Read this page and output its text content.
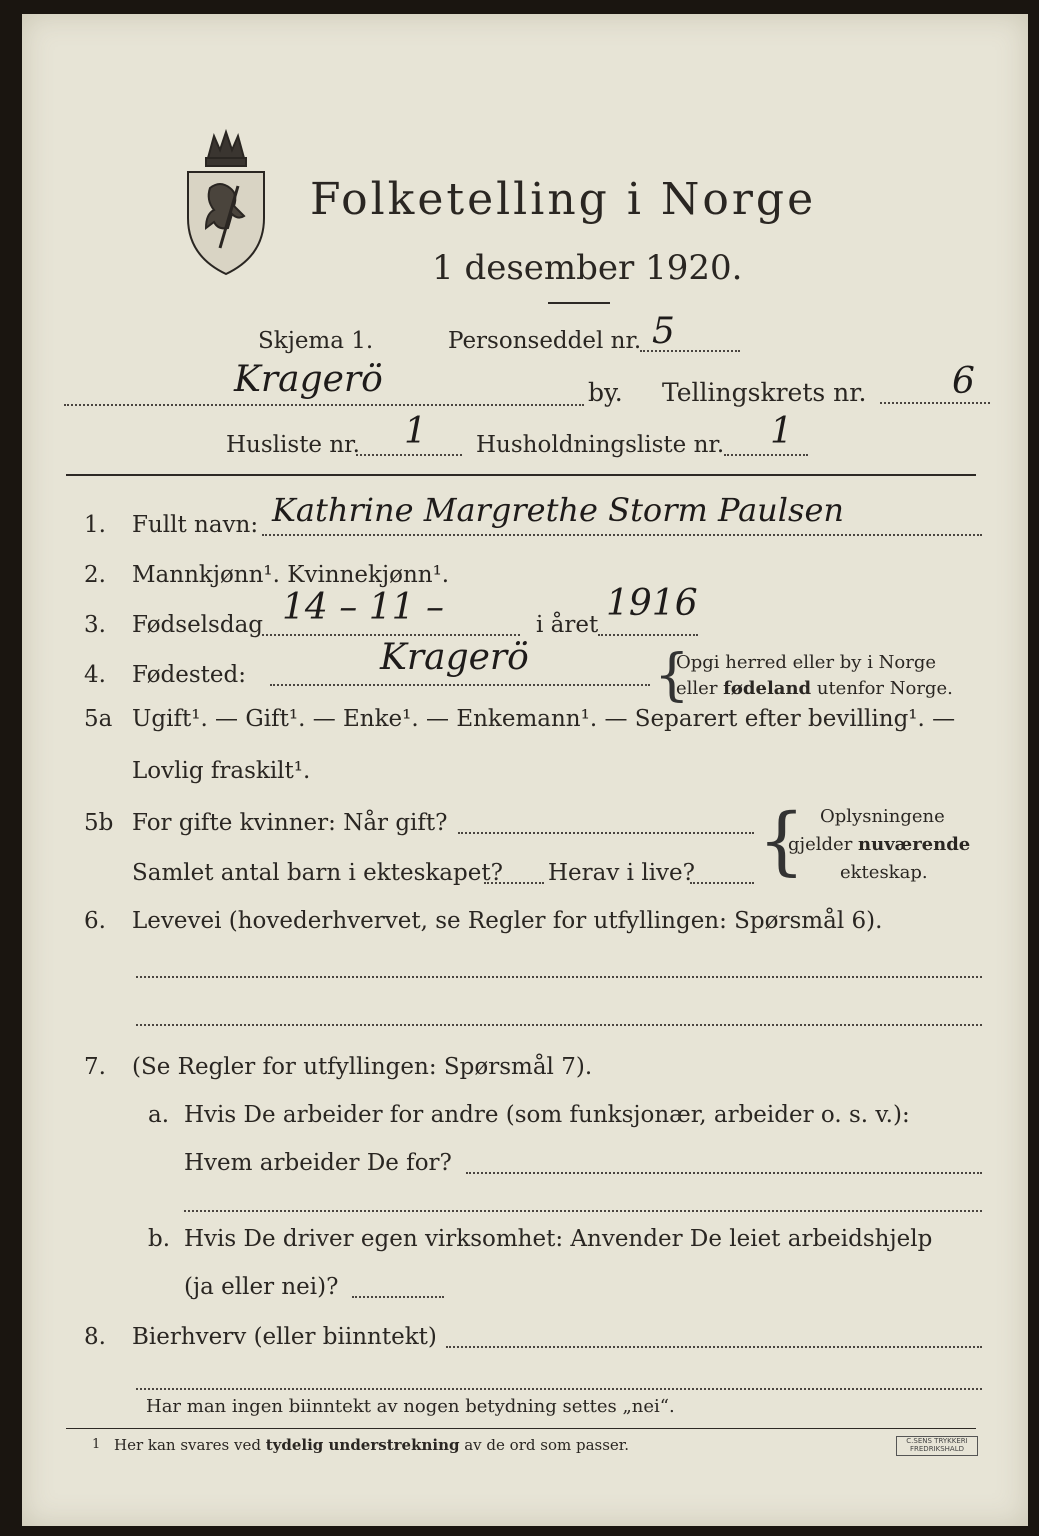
Folketelling i Norge
1 desember 1920.
Skjema 1.	Personseddel nr. 5
Kragerö	by. Tellingskrets nr. 6
Husliste nr. 1 Husholdningsliste nr. 1
1. Fullt navn: Kathrine Margrethe Storm Paulsen
2. Mannkjønn¹. Kvinnekjønn¹.
3. Fødselsdag 14 – 11 –	i året
1916
4. Fødested:	Kragerö {
Opgi herred eller by i Norge
eller fødeland utenfor Norge.
5a Ugift¹. — Gift¹. — Enke¹. — Enkemann¹. — Separert efter bevilling¹. —
Lovlig fraskilt¹.
5b For gifte kvinner: Når gift?
Samlet antal barn i ekteskapet? Herav i live? { Oplysningene
gjelder nuværende
ekteskap.
6. Levevei (hovederhvervet, se Regler for utfyllingen: Spørsmål 6).
7. (Se Regler for utfyllingen: Spørsmål 7).
a. Hvis De arbeider for andre (som funksjonær, arbeider o. s. v.):
Hvem arbeider De for?
b. Hvis De driver egen virksomhet: Anvender De leiet arbeidshjelp
(ja eller nei)?
8. Bierhverv (eller biinntekt)
Har man ingen biinntekt av nogen betydning settes „nei“.
1 Her kan svares ved tydelig understrekning av de ord som passer.	C.SENS TRYKKERI
FREDRIKSHALD
